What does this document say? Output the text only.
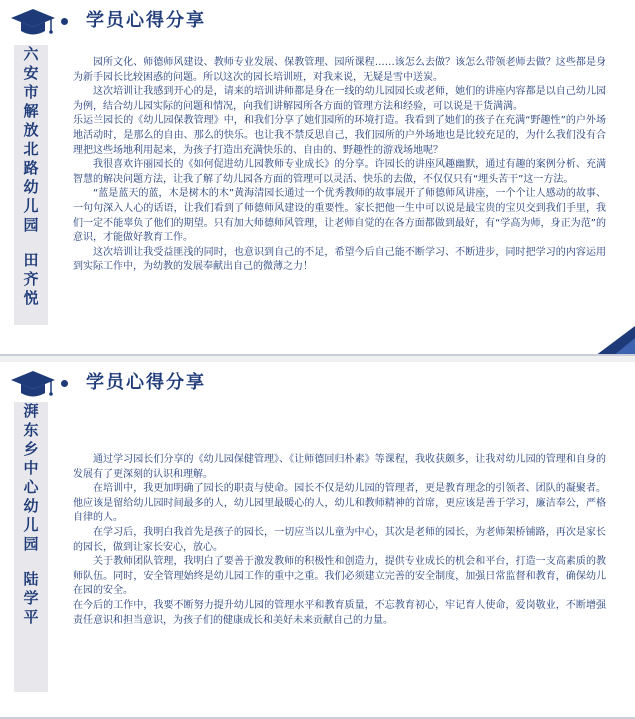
学员心得分享
六
安
市
解
放
北
路
幼
儿
园
田
齐
悦

园所文化、师德师风建设、教师专业发展、保教管理、园所课程……该怎么去做？该怎么带领老师去做？这些都是身为新手园长比较困惑的问题。所以这次的园长培训班，对我来说，无疑是雪中送炭。

这次培训让我感到开心的是，请来的培训讲师都是身在一线的幼儿园园长或老师，她们的讲座内容都是以自己幼儿园为例，结合幼儿园实际的问题和情况，向我们讲解园所各方面的管理方法和经验，可以说是干货满满。

乐运兰园长的《幼儿园保教管理》中，和我们分享了她们园所的环境打造。我看到了她们的孩子在充满“野趣性”的户外场地活动时，是那么的自由、那么的快乐。也让我不禁反思自己，我们园所的户外场地也是比较充足的，为什么我们没有合理把这些场地利用起来，为孩子打造出充满快乐的、自由的、野趣性的游戏场地呢？

我很喜欢许丽园长的《如何促进幼儿园教师专业成长》的分享。许园长的讲座风趣幽默，通过有趣的案例分析、充满智慧的解决问题方法，让我了解了幼儿园各方面的管理可以灵活、快乐的去做，不仅仅只有“埋头苦干”这一方法。

“蓝是蓝天的蓝，木是树木的木”黄海清园长通过一个优秀教师的故事展开了师德师风讲座，一个个让人感动的故事、一句句深入人心的话语，让我们看到了师德师风建设的重要性。家长把他一生中可以说是最宝贵的宝贝交到我们手里，我们一定不能辜负了他们的期望。只有加大师德师风管理，让老师自觉的在各方面都做到最好，有“学高为师，身正为范”的意识，才能做好教育工作。

这次培训让我受益匪浅的同时，也意识到自己的不足，希望今后自己能不断学习、不断进步，同时把学习的内容运用到实际工作中，为幼教的发展奉献出自己的微薄之力！

学员心得分享
湃
东
乡
中
心
幼
儿
园
陆
学
平

通过学习园长们分享的《幼儿园保健管理》、《让师德回归朴素》等课程，我收获颇多，让我对幼儿园的管理和自身的发展有了更深刻的认识和理解。

在培训中，我更加明确了园长的职责与使命。园长不仅是幼儿园的管理者，更是教育理念的引领者、团队的凝聚者。他应该是留给幼儿园时间最多的人，幼儿园里最暖心的人，幼儿和教师精神的首席，更应该是善于学习，廉洁奉公，严格自律的人。

在学习后，我明白我首先是孩子的园长，一切应当以儿童为中心，其次是老师的园长，为老师架桥铺路，再次是家长的园长，做到让家长安心，放心。

关于教师团队管理，我明白了要善于激发教师的积极性和创造力，提供专业成长的机会和平台，打造一支高素质的教师队伍。同时，安全管理始终是幼儿园工作的重中之重。我们必须建立完善的安全制度，加强日常监督和教育，确保幼儿在园的安全。

在今后的工作中，我要不断努力提升幼儿园的管理水平和教育质量，不忘教育初心，牢记育人使命，爱岗敬业，不断增强责任意识和担当意识，为孩子们的健康成长和美好未来贡献自己的力量。
